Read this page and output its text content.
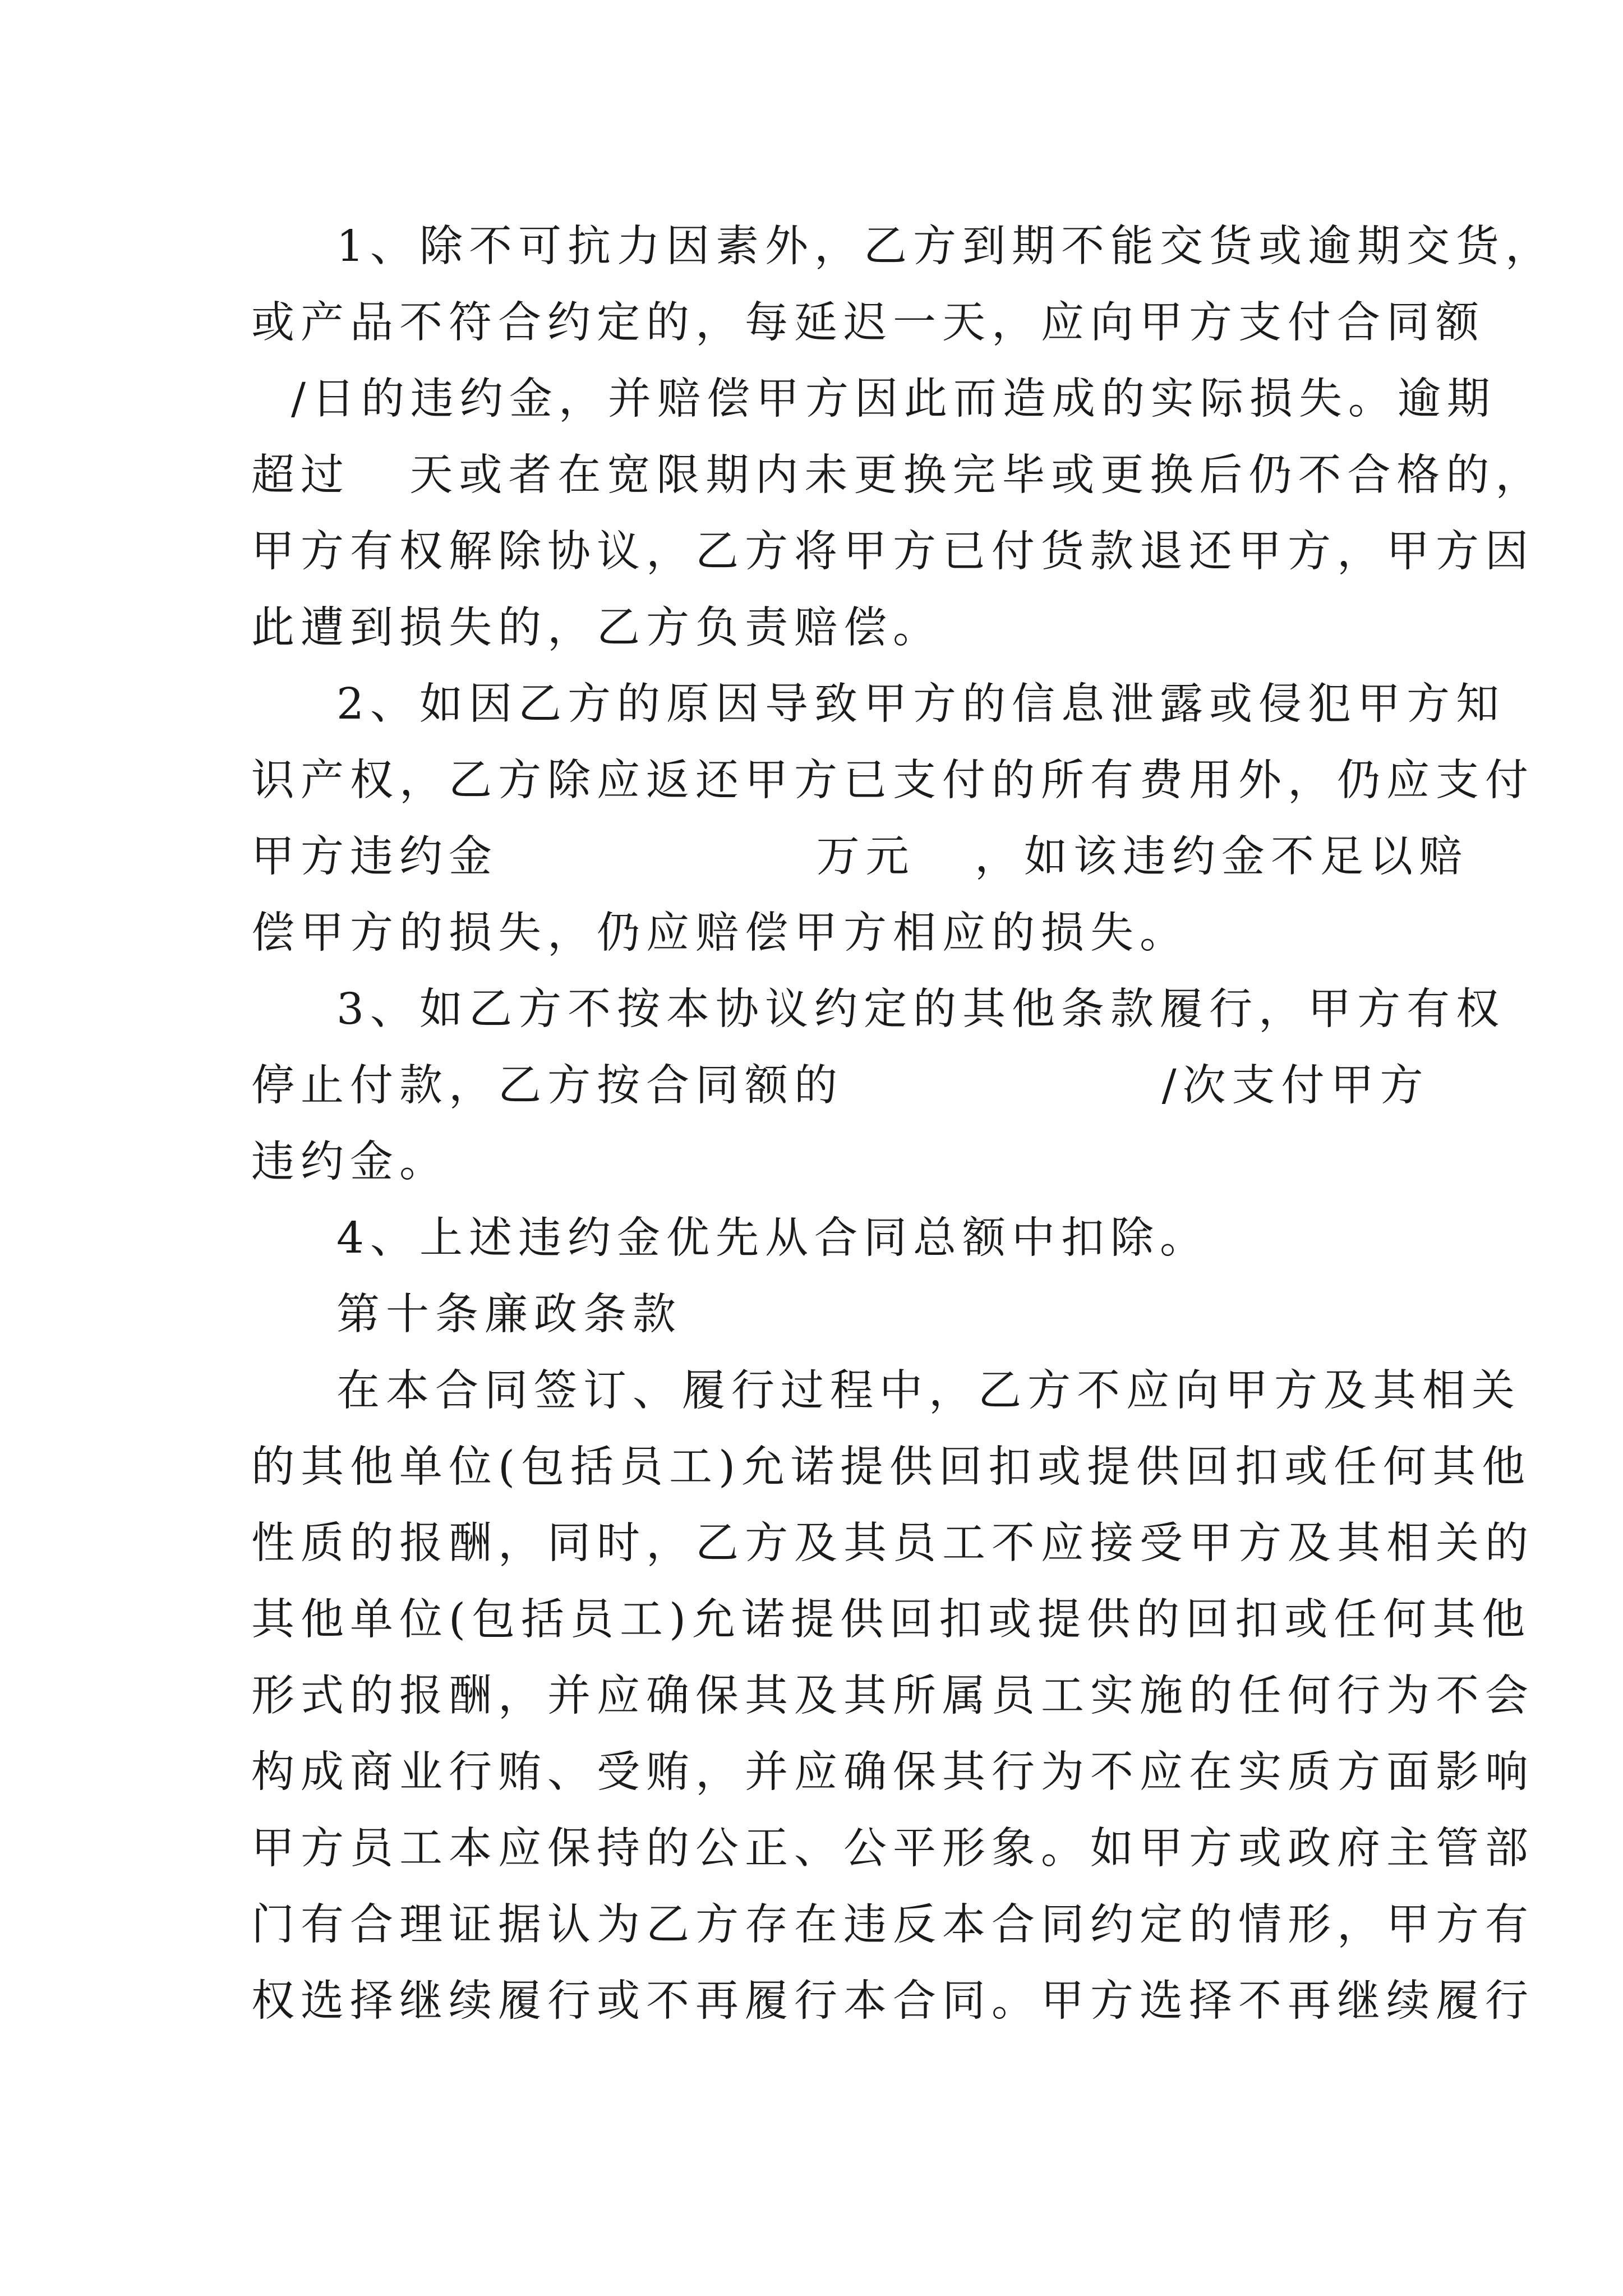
1、除不可抗力因素外，乙方到期不能交货或逾期交货，
或产品不符合约定的，每延迟一天，应向甲方支付合同额
/日的违约金，并赔偿甲方因此而造成的实际损失。逾期
超过   天或者在宽限期内未更换完毕或更换后仍不合格的，
甲方有权解除协议，乙方将甲方已付货款退还甲方，甲方因
此遭到损失的，乙方负责赔偿。
2、如因乙方的原因导致甲方的信息泄露或侵犯甲方知
识产权，乙方除应返还甲方已支付的所有费用外，仍应支付
甲方违约金                万元   ，如该违约金不足以赔
偿甲方的损失，仍应赔偿甲方相应的损失。
3、如乙方不按本协议约定的其他条款履行，甲方有权
停止付款，乙方按合同额的                /次支付甲方
违约金。
4、上述违约金优先从合同总额中扣除。
第十条廉政条款
在本合同签订、履行过程中，乙方不应向甲方及其相关
的其他单位(包括员工)允诺提供回扣或提供回扣或任何其他
性质的报酬，同时，乙方及其员工不应接受甲方及其相关的
其他单位(包括员工)允诺提供回扣或提供的回扣或任何其他
形式的报酬，并应确保其及其所属员工实施的任何行为不会
构成商业行贿、受贿，并应确保其行为不应在实质方面影响
甲方员工本应保持的公正、公平形象。如甲方或政府主管部
门有合理证据认为乙方存在违反本合同约定的情形，甲方有
权选择继续履行或不再履行本合同。甲方选择不再继续履行
